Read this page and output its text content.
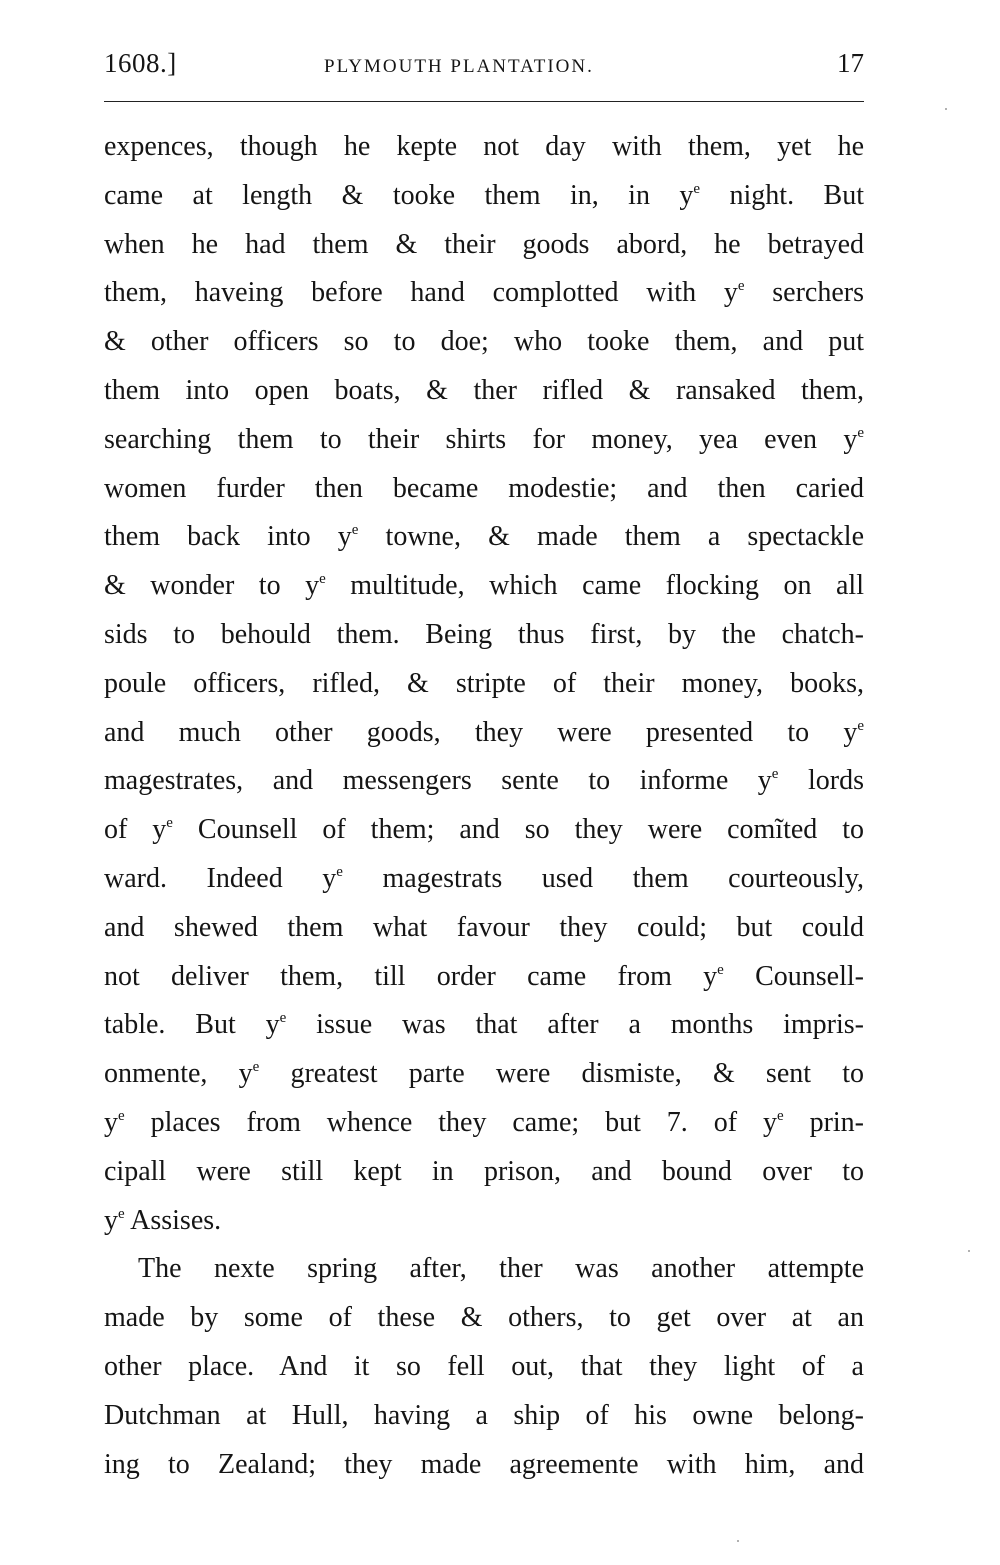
1608.]	PLYMOUTH PLANTATION.	17
expences, though he kepte not day with them, yet he
came at length & tooke them in, in $y^e$ night. But
when he had them & their goods abord, he betrayed
them, haveing before hand complotted with $y^e$ serchers
& other officers so to doe; who tooke them, and put
them into open boats, & ther rifled & ransaked them,
searching them to their shirts for money, yea even $y^e$
women furder then became modestie; and then caried
them back into $y^e$ towne, & made them a spectackle
& wonder to $y^e$ multitude, which came flocking on all
sids to behould them. Being thus first, by the chatch-
poule officers, rifled, & stripte of their money, books,
and much other goods, they were presented to $y^e$
magestrates, and messengers sente to informe $y^e$ lords
of $y^e$ Counsell of them; and so they were comĩted to
ward. Indeed $y^e$ magestrats used them courteously,
and shewed them what favour they could; but could
not deliver them, till order came from $y^e$ Counsell-
table. But $y^e$ issue was that after a months impris-
onmente, $y^e$ greatest parte were dismiste, & sent to
$y^e$ places from whence they came; but 7. of $y^e$ prin-
cipall were still kept in prison, and bound over to
$y^e$ Assises.
The nexte spring after, ther was another attempte
made by some of these & others, to get over at an
other place. And it so fell out, that they light of a
Dutchman at Hull, having a ship of his owne belong-
ing to Zealand; they made agreemente with him, and
